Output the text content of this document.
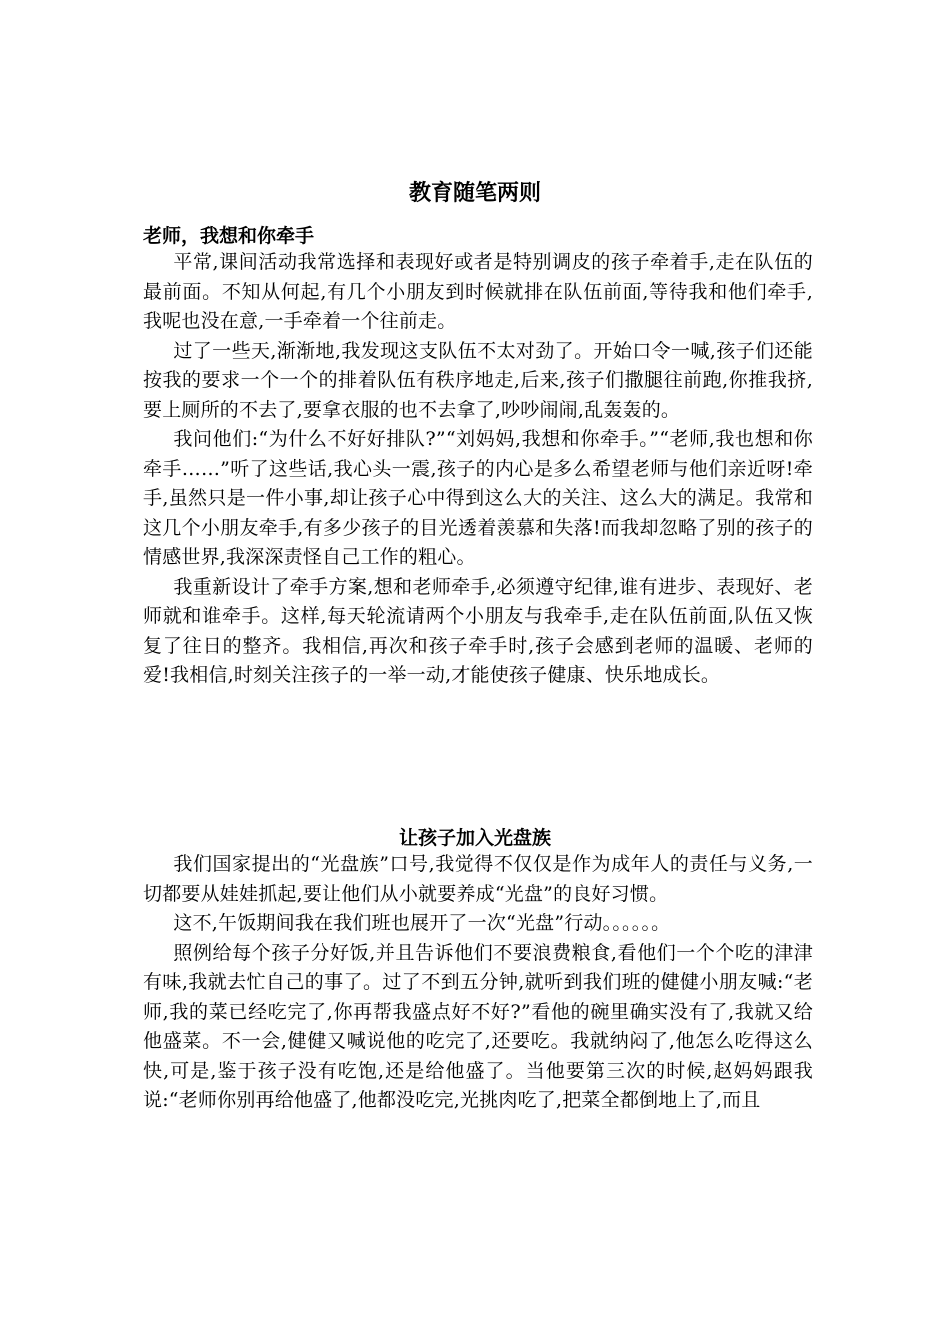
教育随笔两则
老师，我想和你牵手

平常,课间活动我常选择和表现好或者是特别调皮的孩子牵着手,走在队伍的最前面。不知从何起,有几个小朋友到时候就排在队伍前面,等待我和他们牵手,我呢也没在意,一手牵着一个往前走。

过了一些天,渐渐地,我发现这支队伍不太对劲了。开始口令一喊,孩子们还能按我的要求一个一个的排着队伍有秩序地走,后来,孩子们撒腿往前跑,你推我挤,要上厕所的不去了,要拿衣服的也不去拿了,吵吵闹闹,乱轰轰的。

我问他们:“为什么不好好排队?”“刘妈妈,我想和你牵手。”“老师,我也想和你牵手……”听了这些话,我心头一震,孩子的内心是多么希望老师与他们亲近呀!牵手,虽然只是一件小事,却让孩子心中得到这么大的关注、这么大的满足。我常和这几个小朋友牵手,有多少孩子的目光透着羡慕和失落!而我却忽略了别的孩子的情感世界,我深深责怪自己工作的粗心。

我重新设计了牵手方案,想和老师牵手,必须遵守纪律,谁有进步、表现好、老师就和谁牵手。这样,每天轮流请两个小朋友与我牵手,走在队伍前面,队伍又恢复了往日的整齐。我相信,再次和孩子牵手时,孩子会感到老师的温暖、老师的爱!我相信,时刻关注孩子的一举一动,才能使孩子健康、快乐地成长。

让孩子加入光盘族

我们国家提出的“光盘族”口号,我觉得不仅仅是作为成年人的责任与义务,一切都要从娃娃抓起,要让他们从小就要养成“光盘”的良好习惯。

这不,午饭期间我在我们班也展开了一次“光盘”行动。。。。。。

照例给每个孩子分好饭,并且告诉他们不要浪费粮食,看他们一个个吃的津津有味,我就去忙自己的事了。过了不到五分钟,就听到我们班的健健小朋友喊:“老师,我的菜已经吃完了,你再帮我盛点好不好?”看他的碗里确实没有了,我就又给他盛菜。不一会,健健又喊说他的吃完了,还要吃。我就纳闷了,他怎么吃得这么快,可是,鉴于孩子没有吃饱,还是给他盛了。当他要第三次的时候,赵妈妈跟我说:“老师你别再给他盛了,他都没吃完,光挑肉吃了,把菜全都倒地上了,而且
